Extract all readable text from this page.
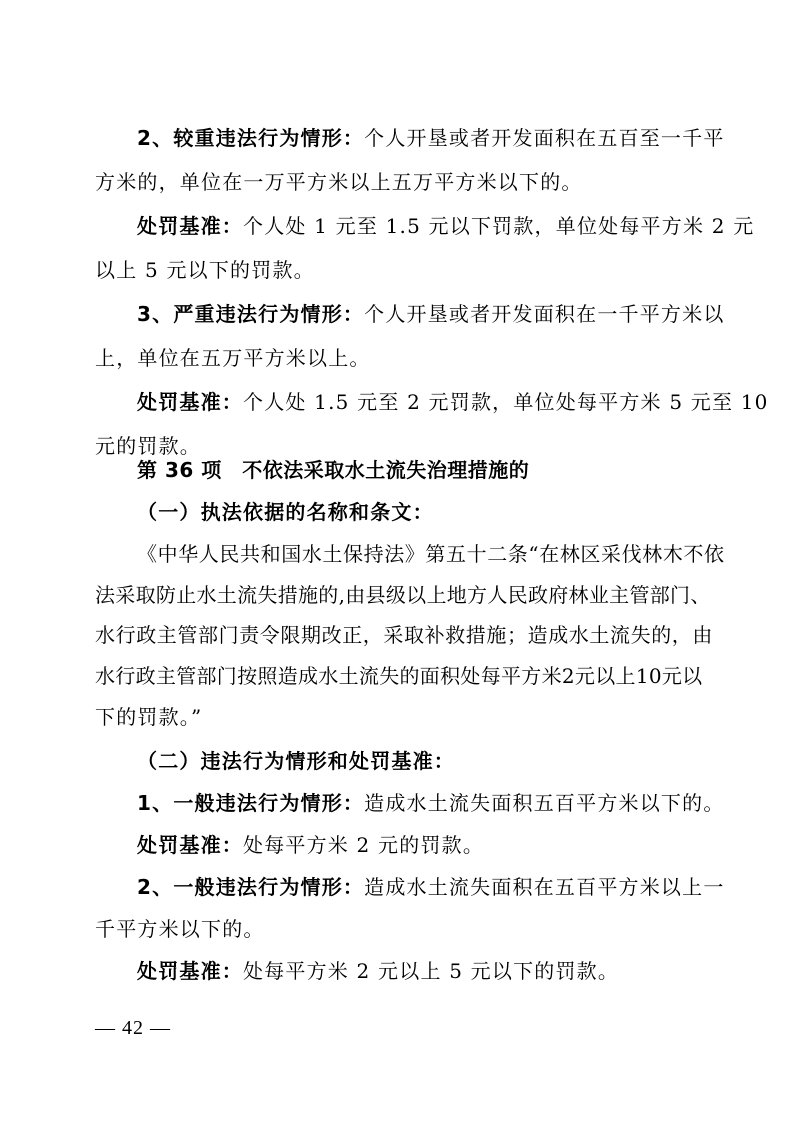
2、较重违法行为情形：个人开垦或者开发面积在五百至一千平
方米的，单位在一万平方米以上五万平方米以下的。
处罚基准：个人处 1 元至 1.5 元以下罚款，单位处每平方米 2 元
以上 5 元以下的罚款。
3、严重违法行为情形：个人开垦或者开发面积在一千平方米以
上，单位在五万平方米以上。
处罚基准：个人处 1.5 元至 2 元罚款，单位处每平方米 5 元至 10
元的罚款。
第 36 项　不依法采取水土流失治理措施的
（一）执法依据的名称和条文：
《中华人民共和国水土保持法》第五十二条“在林区采伐林木不依
法采取防止水土流失措施的,由县级以上地方人民政府林业主管部门、
水行政主管部门责令限期改正，采取补救措施；造成水土流失的，由
水行政主管部门按照造成水土流失的面积处每平方米2元以上10元以
下的罚款。”
（二）违法行为情形和处罚基准：
1、一般违法行为情形：造成水土流失面积五百平方米以下的。
处罚基准：处每平方米 2 元的罚款。
2、一般违法行为情形：造成水土流失面积在五百平方米以上一
千平方米以下的。
— 42 —
处罚基准：处每平方米 2 元以上 5 元以下的罚款。
